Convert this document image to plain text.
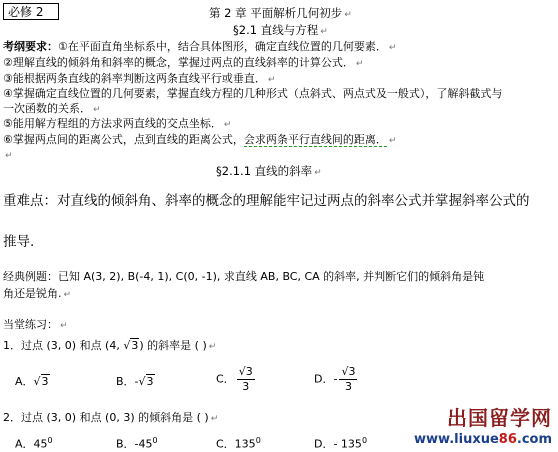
必修 2	第 2 章 平面解析几何初步 ↵
§2.1 直线与方程 ↵
考纲要求：①在平面直角坐标系中，结合具体图形，确定直线位置的几何要素． ↵
②理解直线的倾斜角和斜率的概念，掌握过两点的直线斜率的计算公式． ↵
③能根据两条直线的斜率判断这两条直线平行或垂直． ↵
④掌握确定直线位置的几何要素，掌握直线方程的几种形式（点斜式、两点式及一般式），了解斜截式与
一次函数的关系． ↵
⑤能用解方程组的方法求两直线的交点坐标． ↵
⑥掌握两点间的距离公式，点到直线的距离公式，会求两条平行直线间的距离． ↵
↵
§2.1.1 直线的斜率 ↵
重难点：对直线的倾斜角、斜率的概念的理解能牢记过两点的斜率公式并掌握斜率公式的
推导.
经典例题：已知 A(3, 2), B(-4, 1), C(0, -1), 求直线 AB, BC, CA 的斜率, 并判断它们的倾斜角是钝
角还是锐角. ↵
当堂练习： ↵
1．过点 (3, 0) 和点 (4, √3) 的斜率是 ( ) ↵
A．√3	B．-√3	C． $\frac{√3}{3}$	D．- $\frac{√3}{3}$
2．过点 (3, 0) 和点 (0, 3) 的倾斜角是 ( ) ↵
A．$45^0$	B．$-45^0$	C．$135^0$	D．- $135^0$
出国留学网
www.liuxue86.com
